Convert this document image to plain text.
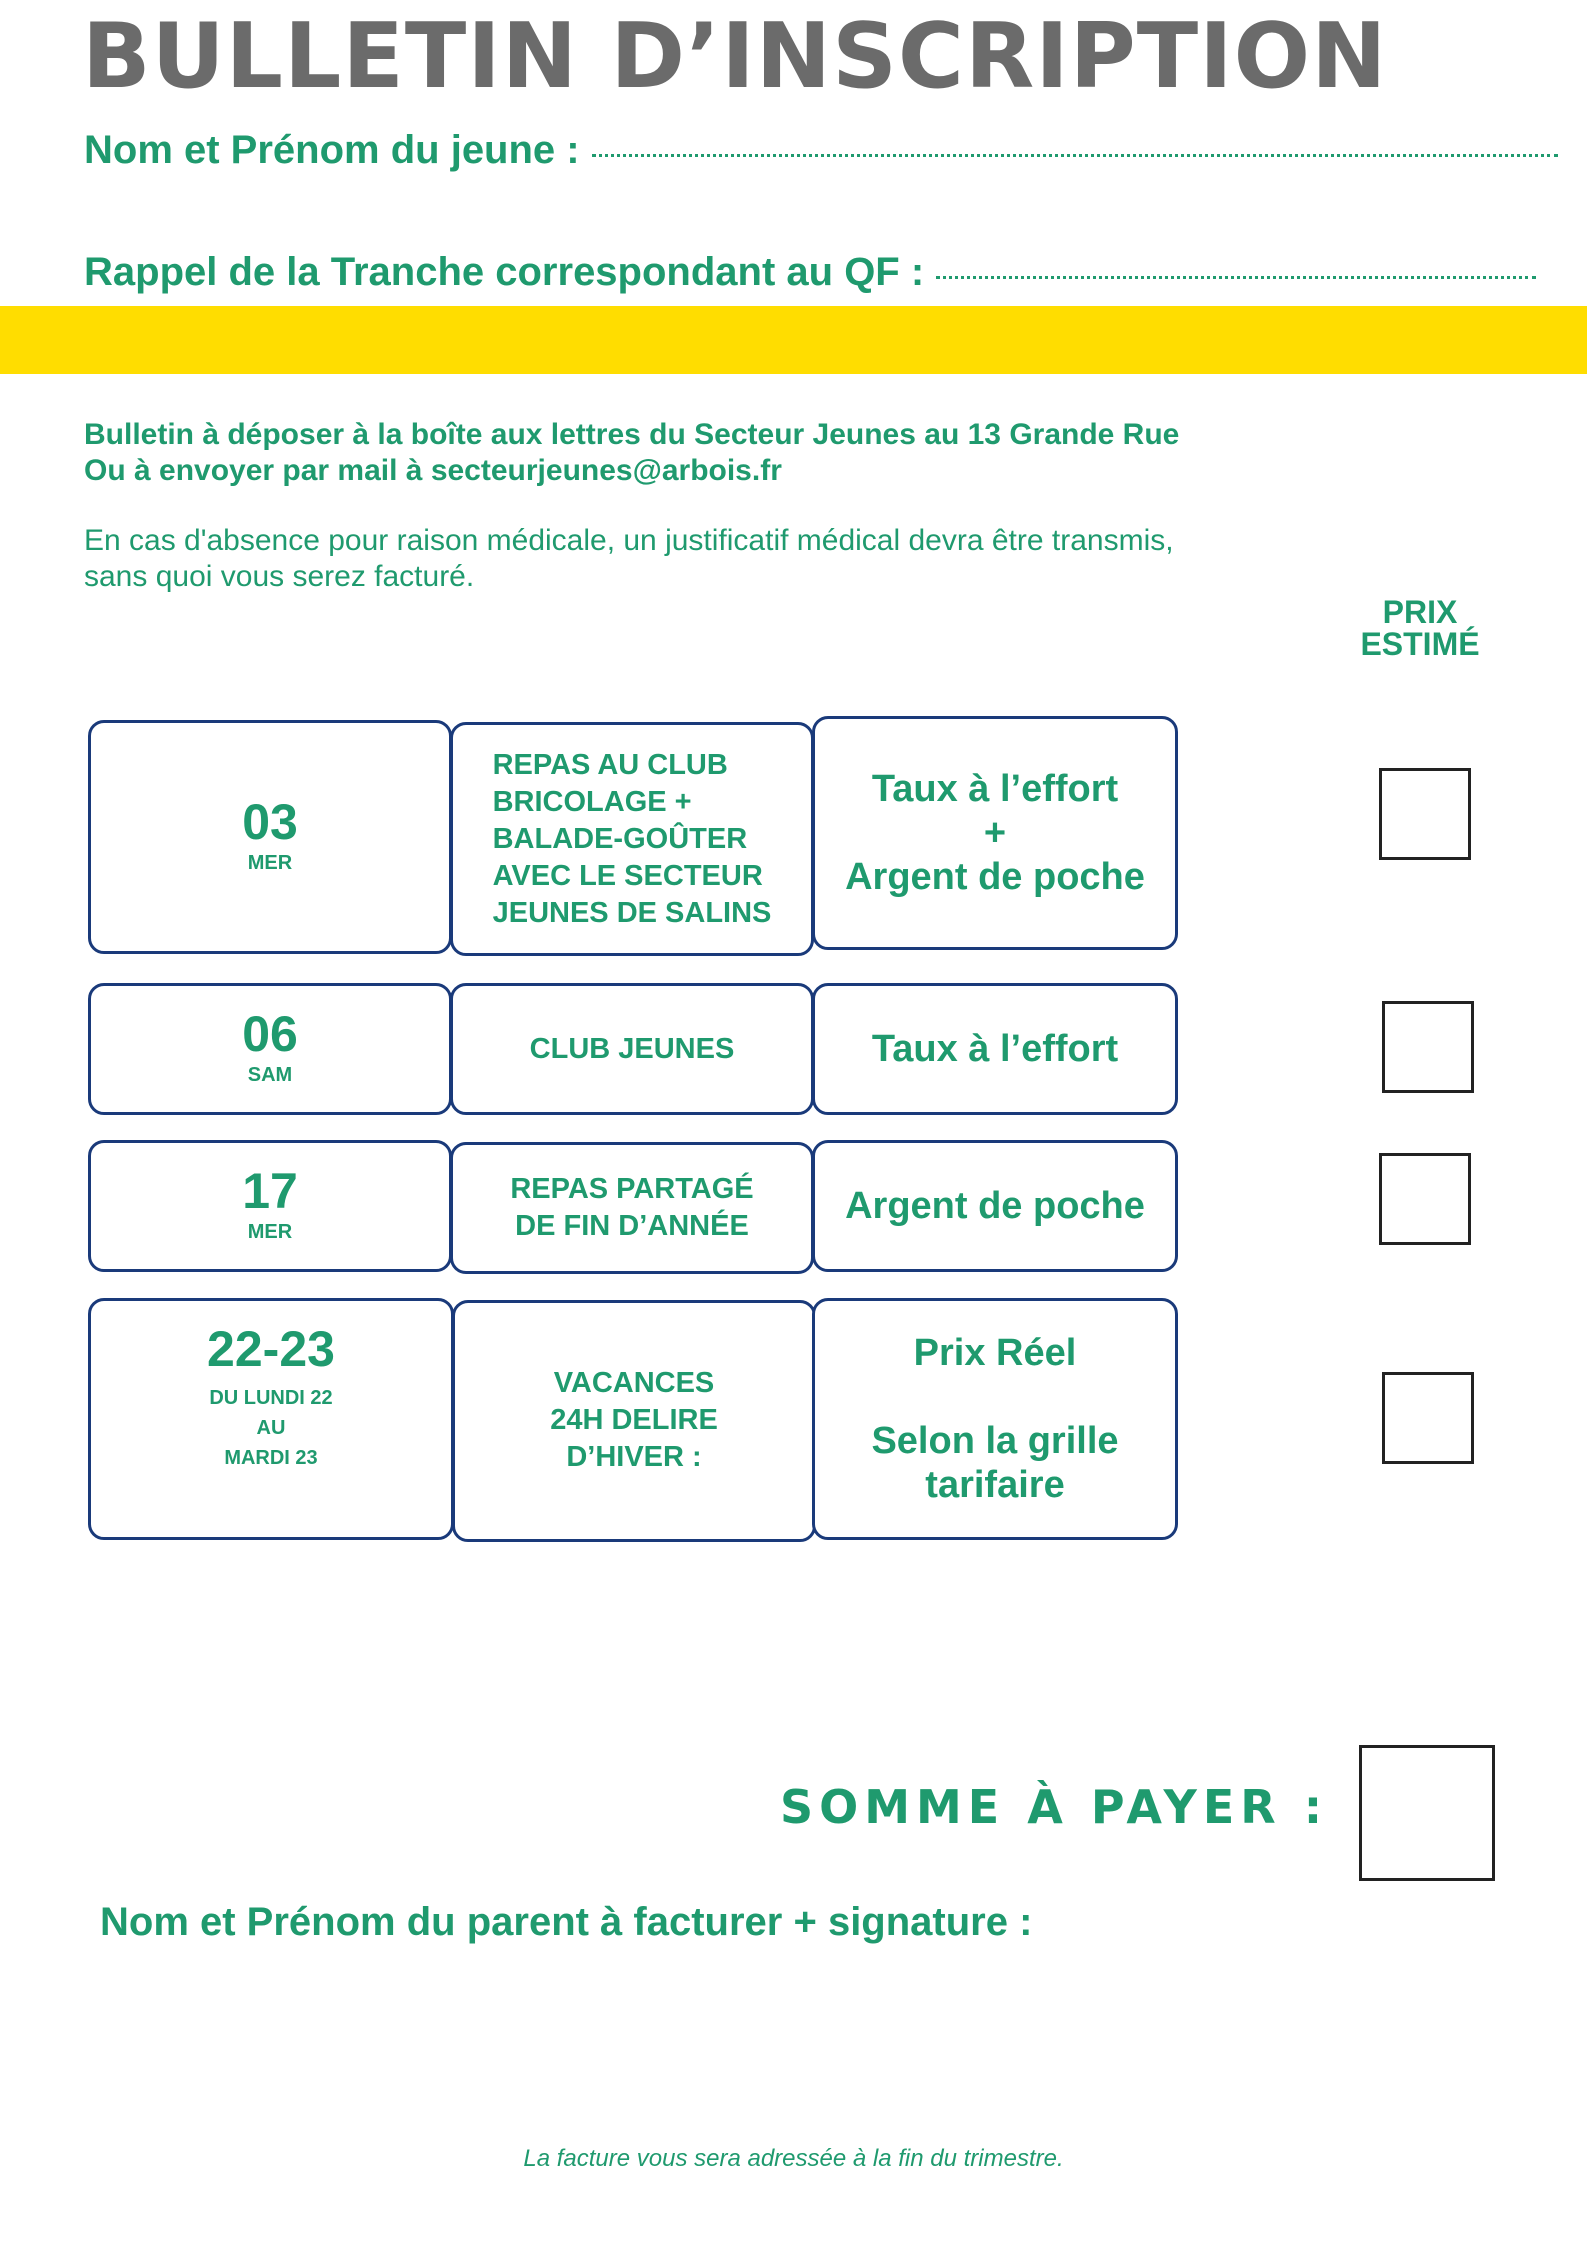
BULLETIN D’INSCRIPTION
Nom et Prénom du jeune :
Rappel de la Tranche correspondant au QF :
Bulletin à déposer à la boîte aux lettres du Secteur Jeunes au 13 Grande Rue
Ou à envoyer par mail à secteurjeunes@arbois.fr
En cas d'absence pour raison médicale, un justificatif médical devra être transmis,
sans quoi vous serez facturé.
PRIX
ESTIMÉ
03
MER
REPAS AU CLUB
BRICOLAGE +
BALADE-GOÛTER
AVEC LE SECTEUR
JEUNES DE SALINS
Taux à l’effort
+
Argent de poche
06
SAM
CLUB JEUNES	Taux à l’effort
17
MER
REPAS PARTAGÉ
DE FIN D’ANNÉE	Argent de poche
22-23
DU LUNDI 22
AU
MARDI 23
VACANCES
24H DELIRE
D’HIVER :
Prix Réel
Selon la grille
tarifaire
SOMME À PAYER :
Nom et Prénom du parent à facturer + signature :
La facture vous sera adressée à la fin du trimestre.
